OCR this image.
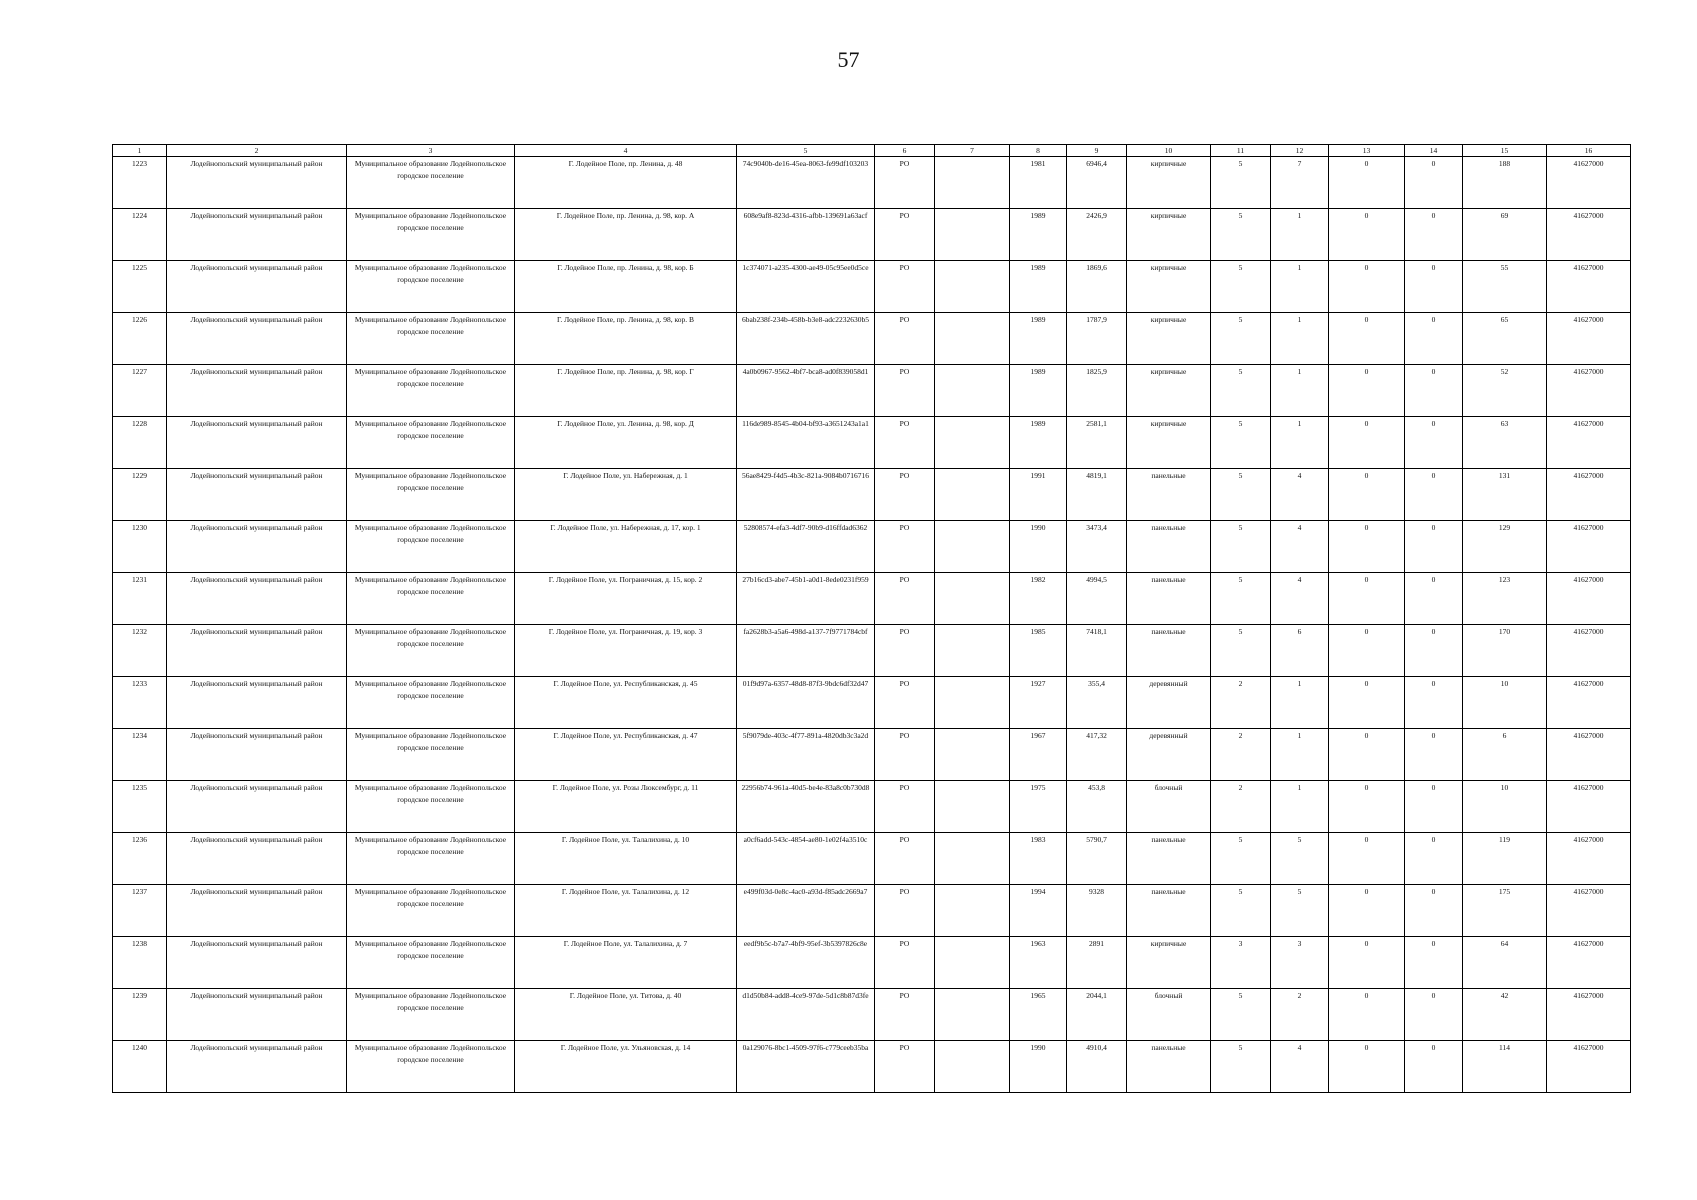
57
1	2	3	4	5	6	7	8	9	10	11	12	13	14	15	16
1223	Лодейнопольский муниципальный район	Муниципальное образование Лодейнопольское городское поселение	Г. Лодейное Поле, пр. Ленина, д. 48	74c9040b-de16-45ea-8063-fe99df103203	РО		1981	6946,4	кирпичные	5	7	0	0	188	41627000
1224	Лодейнопольский муниципальный район	Муниципальное образование Лодейнопольское городское поселение	Г. Лодейное Поле, пр. Ленина, д. 98, кор. А	608e9af8-823d-4316-afbb-139691a63acf	РО		1989	2426,9	кирпичные	5	1	0	0	69	41627000
1225	Лодейнопольский муниципальный район	Муниципальное образование Лодейнопольское городское поселение	Г. Лодейное Поле, пр. Ленина, д. 98, кор. Б	1c374071-a235-4300-ae49-05c95ee0d5ce	РО		1989	1869,6	кирпичные	5	1	0	0	55	41627000
1226	Лодейнопольский муниципальный район	Муниципальное образование Лодейнопольское городское поселение	Г. Лодейное Поле, пр. Ленина, д. 98, кор. В	6bab238f-234b-458b-b3e8-adc2232630b5	РО		1989	1787,9	кирпичные	5	1	0	0	65	41627000
1227	Лодейнопольский муниципальный район	Муниципальное образование Лодейнопольское городское поселение	Г. Лодейное Поле, пр. Ленина, д. 98, кор. Г	4a0b0967-9562-4bf7-bca8-ad0f839058d1	РО		1989	1825,9	кирпичные	5	1	0	0	52	41627000
1228	Лодейнопольский муниципальный район	Муниципальное образование Лодейнопольское городское поселение	Г. Лодейное Поле, ул. Ленина, д. 98, кор. Д	116de989-8545-4b04-bf93-a3651243a1a1	РО		1989	2581,1	кирпичные	5	1	0	0	63	41627000
1229	Лодейнопольский муниципальный район	Муниципальное образование Лодейнопольское городское поселение	Г. Лодейное Поле, ул. Набережная, д. 1	56ae8429-f4d5-4b3c-821a-9084b0716716	РО		1991	4819,1	панельные	5	4	0	0	131	41627000
1230	Лодейнопольский муниципальный район	Муниципальное образование Лодейнопольское городское поселение	Г. Лодейное Поле, ул. Набережная, д. 17, кор. 1	52808574-efa3-4df7-90b9-d16ffdad6362	РО		1990	3473,4	панельные	5	4	0	0	129	41627000
1231	Лодейнопольский муниципальный район	Муниципальное образование Лодейнопольское городское поселение	Г. Лодейное Поле, ул. Пограничная, д. 15, кор. 2	27b16cd3-abe7-45b1-a0d1-8ede0231f959	РО		1982	4994,5	панельные	5	4	0	0	123	41627000
1232	Лодейнопольский муниципальный район	Муниципальное образование Лодейнопольское городское поселение	Г. Лодейное Поле, ул. Пограничная, д. 19, кор. 3	fa2628b3-a5a6-498d-a137-7f9771784cbf	РО		1985	7418,1	панельные	5	6	0	0	170	41627000
1233	Лодейнопольский муниципальный район	Муниципальное образование Лодейнопольское городское поселение	Г. Лодейное Поле, ул. Республиканская, д. 45	01f9d97a-6357-48d8-87f3-9bdc6df32d47	РО		1927	355,4	деревянный	2	1	0	0	10	41627000
1234	Лодейнопольский муниципальный район	Муниципальное образование Лодейнопольское городское поселение	Г. Лодейное Поле, ул. Республиканская, д. 47	5f9079de-403c-4f77-891a-4820db3c3a2d	РО		1967	417,32	деревянный	2	1	0	0	6	41627000
1235	Лодейнопольский муниципальный район	Муниципальное образование Лодейнопольское городское поселение	Г. Лодейное Поле, ул. Розы Люксембург, д. 11	22956b74-961a-40d5-be4e-83a8c0b730d8	РО		1975	453,8	блочный	2	1	0	0	10	41627000
1236	Лодейнопольский муниципальный район	Муниципальное образование Лодейнопольское городское поселение	Г. Лодейное Поле, ул. Талалихина, д. 10	a0cf6add-543c-4854-ae80-1e02f4a3510c	РО		1983	5790,7	панельные	5	5	0	0	119	41627000
1237	Лодейнопольский муниципальный район	Муниципальное образование Лодейнопольское городское поселение	Г. Лодейное Поле, ул. Талалихина, д. 12	e499f03d-0e8c-4ac0-a93d-f85adc2669a7	РО		1994	9328	панельные	5	5	0	0	175	41627000
1238	Лодейнопольский муниципальный район	Муниципальное образование Лодейнопольское городское поселение	Г. Лодейное Поле, ул. Талалихина, д. 7	eedf9b5c-b7a7-4bf9-95ef-3b5397826c8e	РО		1963	2891	кирпичные	3	3	0	0	64	41627000
1239	Лодейнопольский муниципальный район	Муниципальное образование Лодейнопольское городское поселение	Г. Лодейное Поле, ул. Титова, д. 40	d1d50b84-add8-4ce9-97de-5d1c8b87d3fe	РО		1965	2044,1	блочный	5	2	0	0	42	41627000
1240	Лодейнопольский муниципальный район	Муниципальное образование Лодейнопольское городское поселение	Г. Лодейное Поле, ул. Ульяновская, д. 14	0a129076-8bc1-4509-97f6-c779ceeb35ba	РО		1990	4910,4	панельные	5	4	0	0	114	41627000
